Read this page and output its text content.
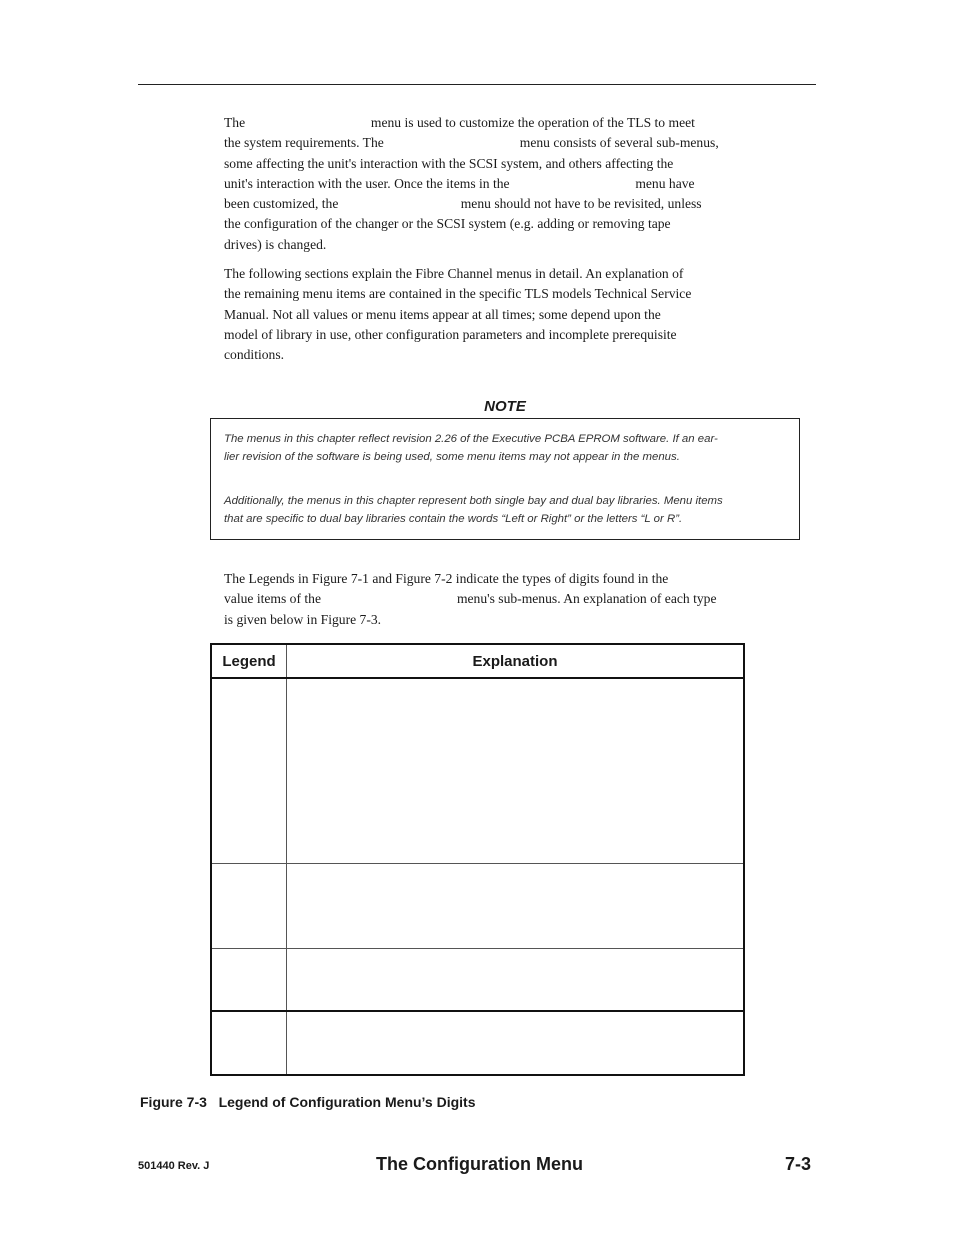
The                                     menu is used to customize the operation of the TLS to meet
the system requirements. The                                        menu consists of several sub-menus,
some affecting the unit's interaction with the SCSI system, and others affecting the
unit's interaction with the user. Once the items in the                                     menu have
been customized, the                                    menu should not have to be revisited, unless
the configuration of the changer or the SCSI system (e.g. adding or removing tape
drives) is changed.

The following sections explain the Fibre Channel menus in detail. An explanation of
the remaining menu items are contained in the specific TLS models Technical Service
Manual. Not all values or menu items appear at all times; some depend upon the
model of library in use, other configuration parameters and incomplete prerequisite
conditions.

NOTE
The menus in this chapter reflect revision 2.26 of the Executive PCBA EPROM software. If an ear-
lier revision of the software is being used, some menu items may not appear in the menus.
Additionally, the menus in this chapter represent both single bay and dual bay libraries. Menu items
that are specific to dual bay libraries contain the words “Left or Right” or the letters “L or R”.

The Legends in Figure 7-1 and Figure 7-2 indicate the types of digits found in the
value items of the                                        menu's sub-menus. An explanation of each type
is given below in Figure 7-3.

Legend	Explanation

Figure 7-3   Legend of Configuration Menu’s Digits
501440 Rev. J	The Configuration Menu	7-3
